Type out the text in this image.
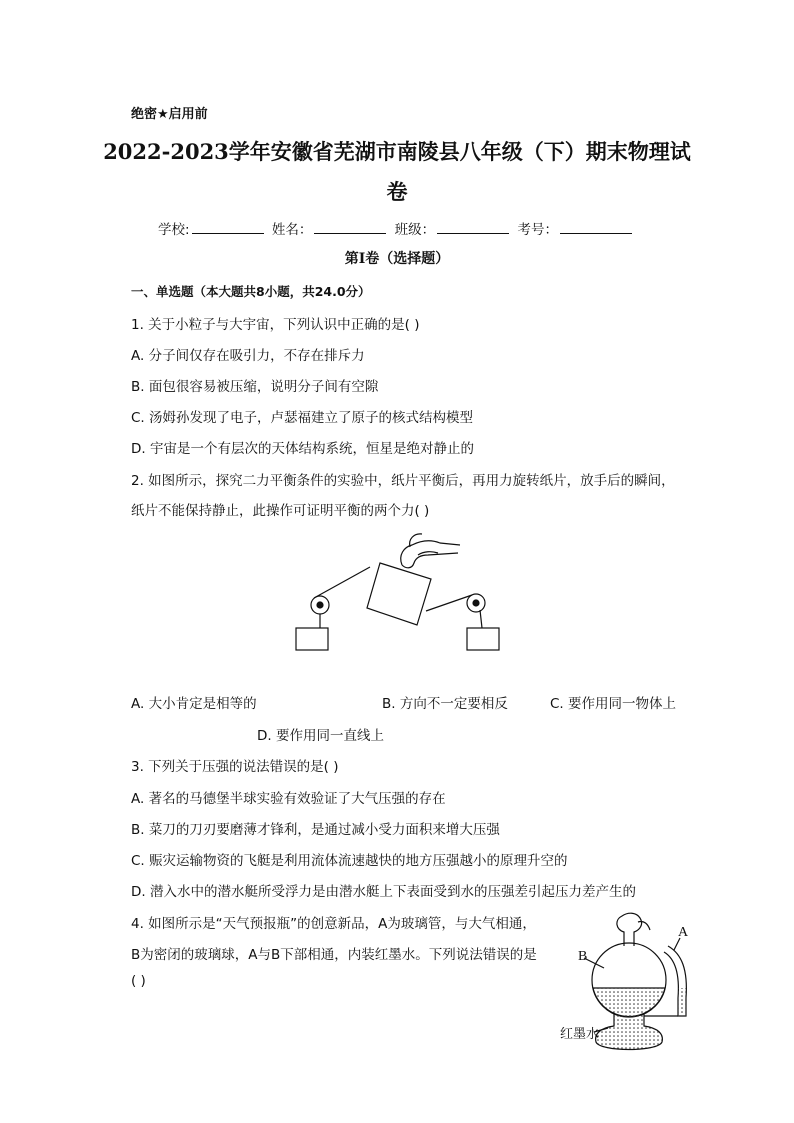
绝密★启用前
2022-2023学年安徽省芜湖市南陵县八年级（下）期末物理试
卷
学校:	姓名：	班级：	考号：
第I卷（选择题）
一、单选题（本大题共8小题，共24.0分）
1. 关于小粒子与大宇宙，下列认识中正确的是( )
A. 分子间仅存在吸引力，不存在排斥力
B. 面包很容易被压缩，说明分子间有空隙
C. 汤姆孙发现了电子，卢瑟福建立了原子的核式结构模型
D. 宇宙是一个有层次的天体结构系统，恒星是绝对静止的
2. 如图所示，探究二力平衡条件的实验中，纸片平衡后，再用力旋转纸片，放手后的瞬间，
纸片不能保持静止，此操作可证明平衡的两个力( )
A. 大小肯定是相等的	B. 方向不一定要相反	C. 要作用同一物体上
D. 要作用同一直线上
3. 下列关于压强的说法错误的是( )
A. 著名的马德堡半球实验有效验证了大气压强的存在
B. 菜刀的刀刃要磨薄才锋利，是通过减小受力面积来增大压强
C. 赈灾运输物资的飞艇是利用流体流速越快的地方压强越小的原理升空的
D. 潜入水中的潜水艇所受浮力是由潜水艇上下表面受到水的压强差引起压力差产生的
4. 如图所示是“天气预报瓶”的创意新品，A为玻璃管，与大气相通，
B为密闭的玻璃球，A与B下部相通，内装红墨水。下列说法错误的是
( )
B
A
红墨水
